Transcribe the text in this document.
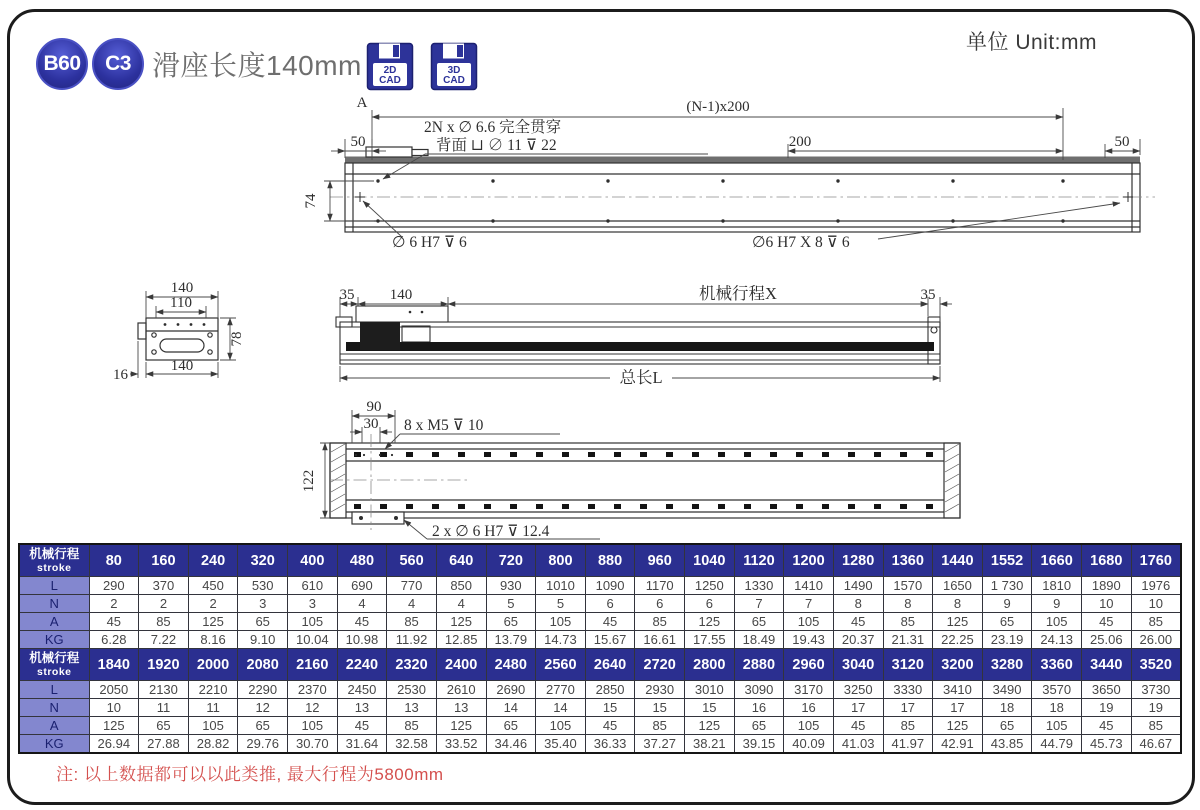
B60 C3 滑座长度140mm 2D
CAD
3D
CAD
单位 Unit:mm
A	(N-1)x200
50	200	50
2N x ∅ 6.6 完全贯穿
背面 ⊔ ∅ 11 ⊽ 22
74
∅ 6 H7 ⊽ 6	∅6 H7 X 8 ⊽ 6
140
110
78
16
140
35 140	机械行程X	35
总长L
90
30 8 x M5 ⊽ 10
122
2 x ∅ 6 H7 ⊽ 12.4
机械行程
stroke	80	160	240	320	400	480	560	640	720	800	880	960	1040	1120	1200	1280	1360	1440	1552	1660	1680	1760
L	290	370	450	530	610	690	770	850	930	1010	1090	1170	1250	1330	1410	1490	1570	1650	1 730	1810	1890	1976
N	2	2	2	3	3	4	4	4	5	5	6	6	6	7	7	8	8	8	9	9	10	10
A	45	85	125	65	105	45	85	125	65	105	45	85	125	65	105	45	85	125	65	105	45	85
KG	6.28	7.22	8.16	9.10	10.04	10.98	11.92	12.85	13.79	14.73	15.67	16.61	17.55	18.49	19.43	20.37	21.31	22.25	23.19	24.13	25.06	26.00

机械行程
stroke	1840	1920	2000	2080	2160	2240	2320	2400	2480	2560	2640	2720	2800	2880	2960	3040	3120	3200	3280	3360	3440	3520
L	2050	2130	2210	2290	2370	2450	2530	2610	2690	2770	2850	2930	3010	3090	3170	3250	3330	3410	3490	3570	3650	3730
N	10	11	11	12	12	13	13	13	14	14	15	15	15	16	16	17	17	17	18	18	19	19
A	125	65	105	65	105	45	85	125	65	105	45	85	125	65	105	45	85	125	65	105	45	85
KG	26.94	27.88	28.82	29.76	30.70	31.64	32.58	33.52	34.46	35.40	36.33	37.27	38.21	39.15	40.09	41.03	41.97	42.91	43.85	44.79	45.73	46.67
注: 以上数据都可以以此类推, 最大行程为5800mm
